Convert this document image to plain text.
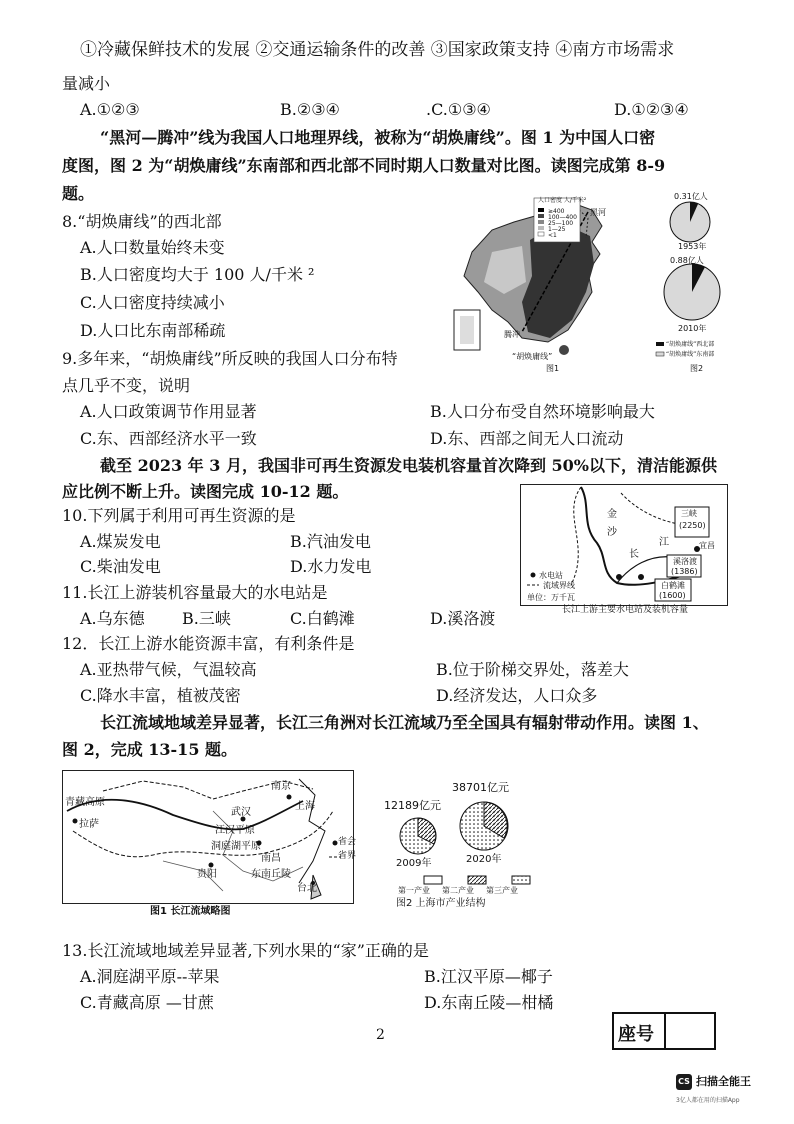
①冷藏保鲜技术的发展 ②交通运输条件的改善 ③国家政策支持 ④南方市场需求
量减小
A.①②③	B.②③④	.C.①③④	D.①②③④
“黑河—腾冲”线为我国人口地理界线，被称为“胡焕庸线”。图 1 为中国人口密
度图，图 2 为“胡焕庸线”东南部和西北部不同时期人口数量对比图。读图完成第 8-9
题。
8.“胡焕庸线”的西北部
A.人口数量始终未变
B.人口密度均大于 100 人/千米 ²
C.人口密度持续减小
D.人口比东南部稀疏
人口密度 人/千米²
≥400
100—400
25—100
1—25
<1
黑河
腾冲
“胡焕庸线”
图1
0.31亿人
1953年
0.88亿人
2010年
“胡焕庸线”西北部
“胡焕庸线”东南部
图2
9.多年来，“胡焕庸线”所反映的我国人口分布特
点几乎不变，说明
A.人口政策调节作用显著	B.人口分布受自然环境影响最大
C.东、西部经济水平一致	D.东、西部之间无人口流动
截至 2023 年 3 月，我国非可再生资源发电装机容量首次降到 50%以下，清洁能源供
应比例不断上升。读图完成 10-12 题。
10.下列属于利用可再生资源的是
A.煤炭发电	B.汽油发电
C.柴油发电	D.水力发电
三峡
(2250)
宜昌
溪洛渡
(1386)
白鹤滩
(1600)
金
沙
长
江
水电站
流域界线
单位：万千瓦
长江上游主要水电站及装机容量
11.长江上游装机容量最大的水电站是
A.乌东德 B.三峡	C.白鹤滩	D.溪洛渡
12．长江上游水能资源丰富，有利条件是
A.亚热带气候，气温较高	B.位于阶梯交界处，落差大
C.降水丰富，植被茂密	D.经济发达，人口众多
长江流域地域差异显著，长江三角洲对长江流域乃至全国具有辐射带动作用。读图 1、
图 2，完成 13-15 题。
青藏高原
拉萨
武汉
南京
上海
江汉平原
洞庭湖平原
南昌
贵阳	东南丘陵
台北
省会
省界
图1 长江流域略图
38701亿元
12189亿元
2009年	2020年
第一产业 第二产业 第三产业
图2 上海市产业结构
13.长江流域地域差异显著,下列水果的“家”正确的是
A.洞庭湖平原--苹果	B.江汉平原—椰子
C.青藏高原 —甘蔗	D.东南丘陵—柑橘
2	座号
CS 扫描全能王
3亿人都在用的扫描App
